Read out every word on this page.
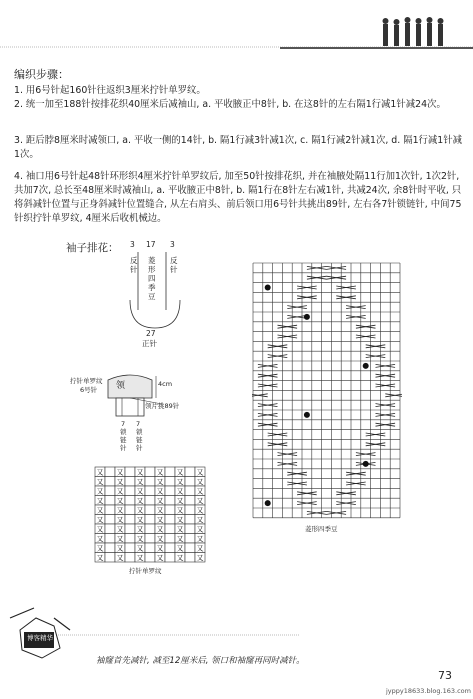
编织步骤：
1. 用6号针起160针往返织3厘米拧针单罗纹。
2. 统一加至188针按排花织40厘米后减袖山, a. 平收腋正中8针, b. 在这8针的左右隔1行减1针减24次。
3. 距后脖8厘米时减领口, a. 平收一侧的14针, b. 隔1行减3针减1次, c. 隔1行减2针减1次, d. 隔1行减1针减1次。
4. 袖口用6号针起48针环形织4厘米拧针单罗纹后, 加至50针按排花织, 并在袖腋处隔11行加1次针, 1次2针, 共加7次, 总长至48厘米时减袖山, a. 平收腋正中8针, b. 隔1行在8针左右减1针, 共减24次, 余8针时平收, 只将斜减针位置与正身斜减针位置缝合, 从左右肩头、前后领口用6号针共挑出89针, 左右各7针锁链针, 中间75针织拧针单罗纹, 4厘米后收机械边。
袖子排花： 3 17 3
反针
菱形四季豆
反针
27
正针
拧针单罗纹
6号针 领	4cm
领片挑89针
7 7
锁链针
锁链针
又 又 又 又 又 又
又 又 又 又 又 又
又 又 又 又 又 又
又 又 又 又 又 又
又 又 又 又 又 又
又 又 又 又 又 又
又 又 又 又 又 又
又 又 又 又 又 又
又 又 又 又 又 又
又 又 又 又 又 又
拧针单罗纹
菱形四季豆
博客精华
袖窿首先减针, 减至12厘米后, 领口和袖窿再同时减针。
73
jyppy18633.blog.163.com
